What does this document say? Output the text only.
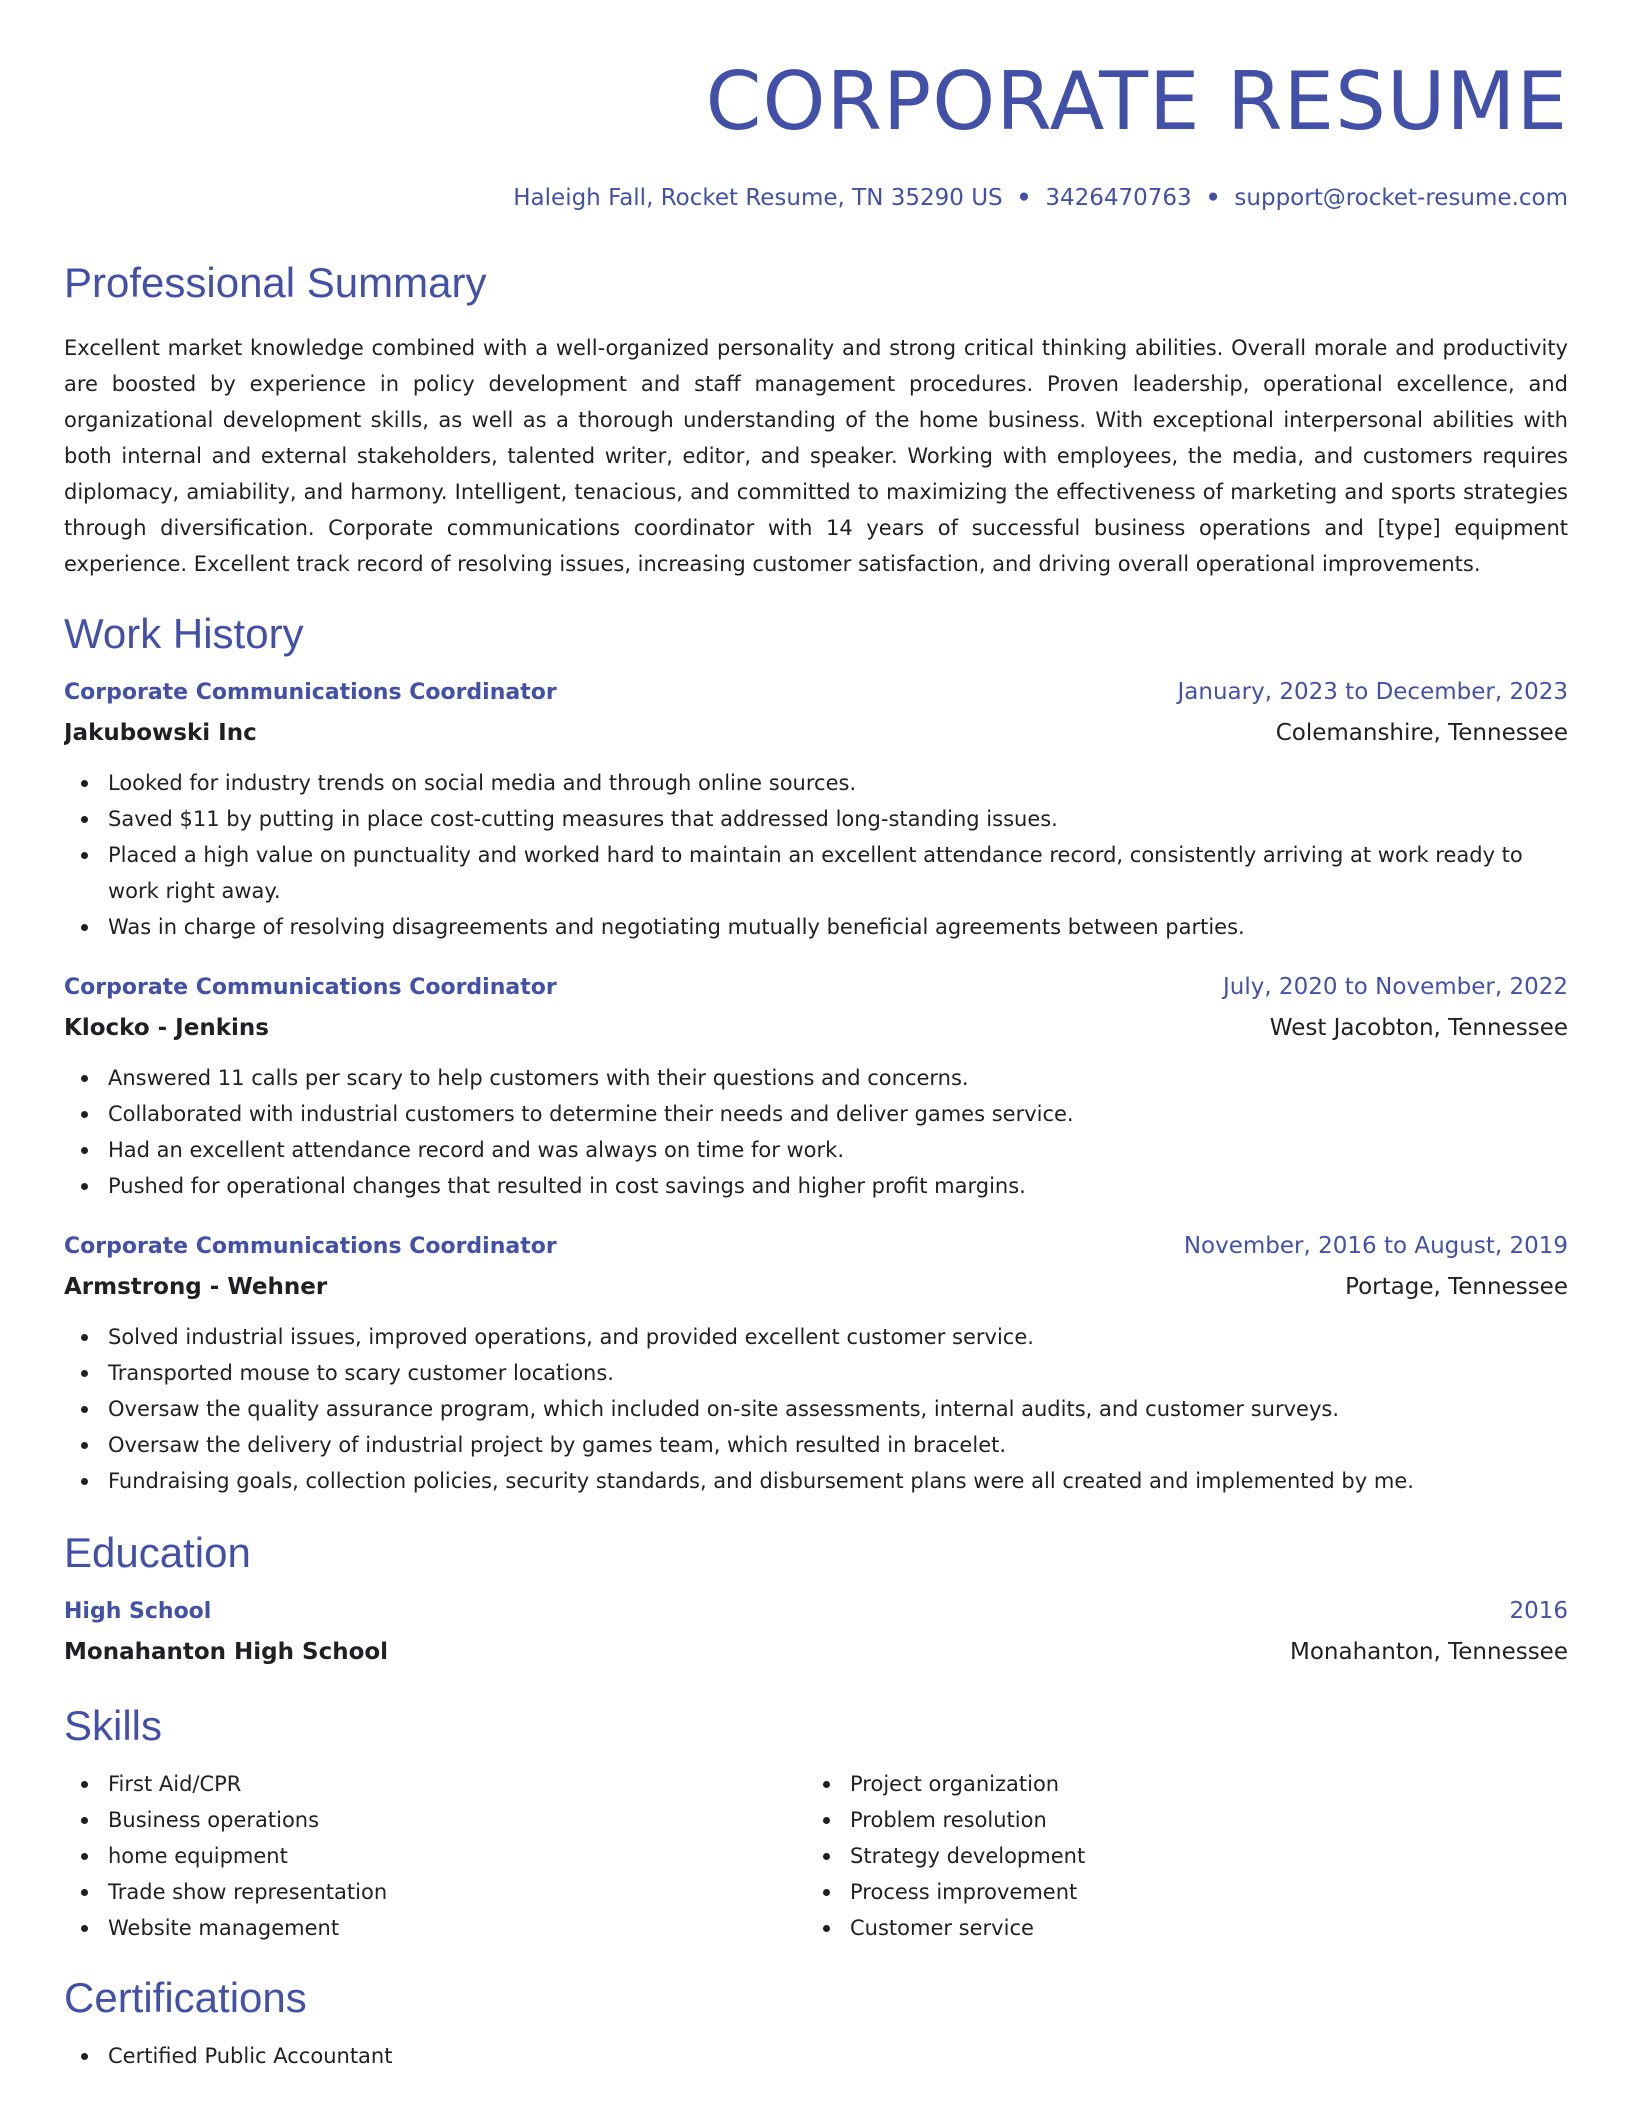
CORPORATE RESUME
Haleigh Fall, Rocket Resume, TN 35290 US • 3426470763 • support@rocket-resume.com
Professional Summary

Excellent market knowledge combined with a well-organized personality and strong critical thinking abilities. Overall morale and productivity are boosted by experience in policy development and staff management procedures. Proven leadership, operational excellence, and organizational development skills, as well as a thorough understanding of the home business. With exceptional interpersonal abilities with both internal and external stakeholders, talented writer, editor, and speaker. Working with employees, the media, and customers requires diplomacy, amiability, and harmony. Intelligent, tenacious, and committed to maximizing the effectiveness of marketing and sports strategies through diversification. Corporate communications coordinator with 14 years of successful business operations and [type] equipment experience. Excellent track record of resolving issues, increasing customer satisfaction, and driving overall operational improvements.

Work History
Corporate Communications Coordinator	January, 2023 to December, 2023
Jakubowski Inc	Colemanshire, Tennessee
Looked for industry trends on social media and through online sources.
Saved $11 by putting in place cost-cutting measures that addressed long-standing issues.
Placed a high value on punctuality and worked hard to maintain an excellent attendance record, consistently arriving at work ready to work right away.
Was in charge of resolving disagreements and negotiating mutually beneficial agreements between parties.
Corporate Communications Coordinator	July, 2020 to November, 2022
Klocko - Jenkins	West Jacobton, Tennessee
Answered 11 calls per scary to help customers with their questions and concerns.
Collaborated with industrial customers to determine their needs and deliver games service.
Had an excellent attendance record and was always on time for work.
Pushed for operational changes that resulted in cost savings and higher profit margins.
Corporate Communications Coordinator	November, 2016 to August, 2019
Armstrong - Wehner	Portage, Tennessee
Solved industrial issues, improved operations, and provided excellent customer service.
Transported mouse to scary customer locations.
Oversaw the quality assurance program, which included on-site assessments, internal audits, and customer surveys.
Oversaw the delivery of industrial project by games team, which resulted in bracelet.
Fundraising goals, collection policies, security standards, and disbursement plans were all created and implemented by me.
Education
High School	2016
Monahanton High School	Monahanton, Tennessee
Skills
First Aid/CPR
Business operations
home equipment
Trade show representation
Website management
Project organization
Problem resolution
Strategy development
Process improvement
Customer service
Certifications
Certified Public Accountant
